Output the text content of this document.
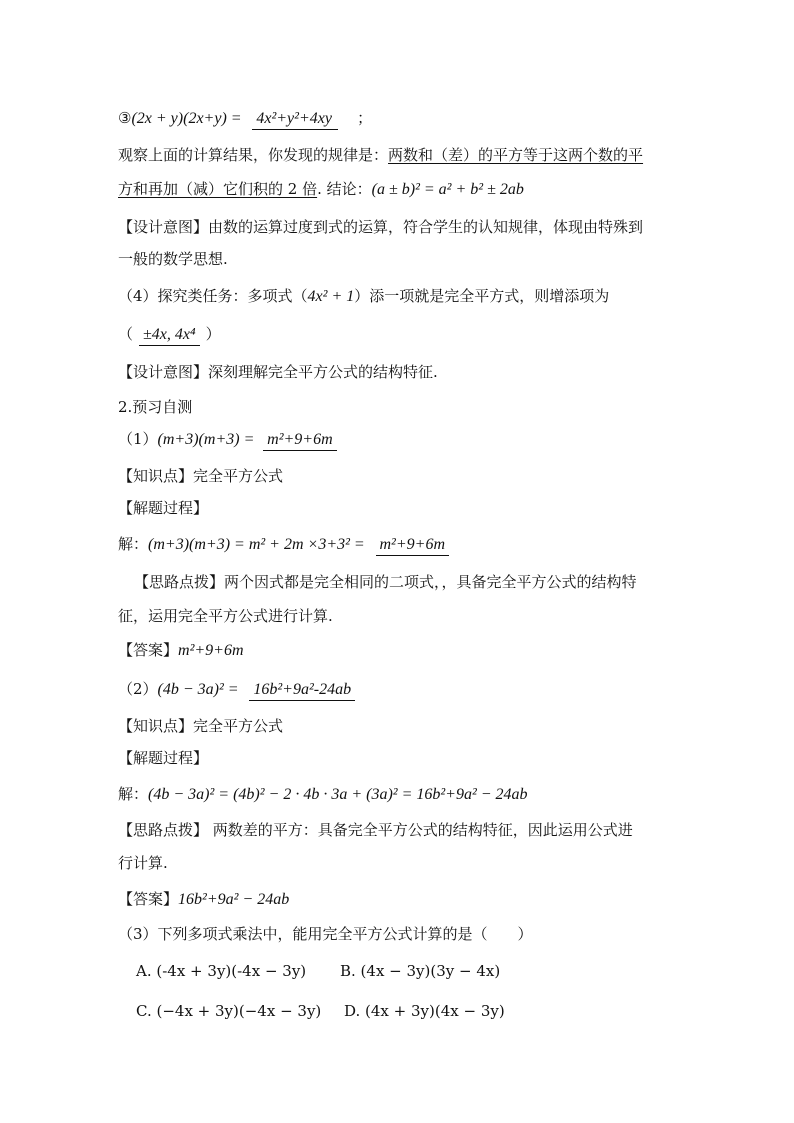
③(2x + y)(2x+y) = 4x²+y²+4xy ；
观察上面的计算结果，你发现的规律是：两数和（差）的平方等于这两个数的平
方和再加（减）它们积的 2 倍. 结论：(a ± b)² = a² + b² ± 2ab
【设计意图】由数的运算过度到式的运算，符合学生的认知规律，体现由特殊到
一般的数学思想.
（4）探究类任务：多项式（4x² + 1）添一项就是完全平方式，则增添项为
（ ±4x, 4x⁴ ）
【设计意图】深刻理解完全平方公式的结构特征.
2.预习自测
（1）(m+3)(m+3) = m²+9+6m
【知识点】完全平方公式
【解题过程】
解：(m+3)(m+3) = m² + 2m ×3+3² = m²+9+6m
【思路点拨】两个因式都是完全相同的二项式，，具备完全平方公式的结构特
征，运用完全平方公式进行计算.
【答案】m²+9+6m
（2）(4b − 3a)² = 16b²+9a²-24ab
【知识点】完全平方公式
【解题过程】
解：(4b − 3a)² = (4b)² − 2 · 4b · 3a + (3a)² = 16b²+9a² − 24ab
【思路点拨】 两数差的平方：具备完全平方公式的结构特征，因此运用公式进
行计算.
【答案】16b²+9a² − 24ab
（3）下列多项式乘法中，能用完全平方公式计算的是（　　）
A. (-4x + 3y)(-4x − 3y) B. (4x − 3y)(3y − 4x)
C. (−4x + 3y)(−4x − 3y) D. (4x + 3y)(4x − 3y)
